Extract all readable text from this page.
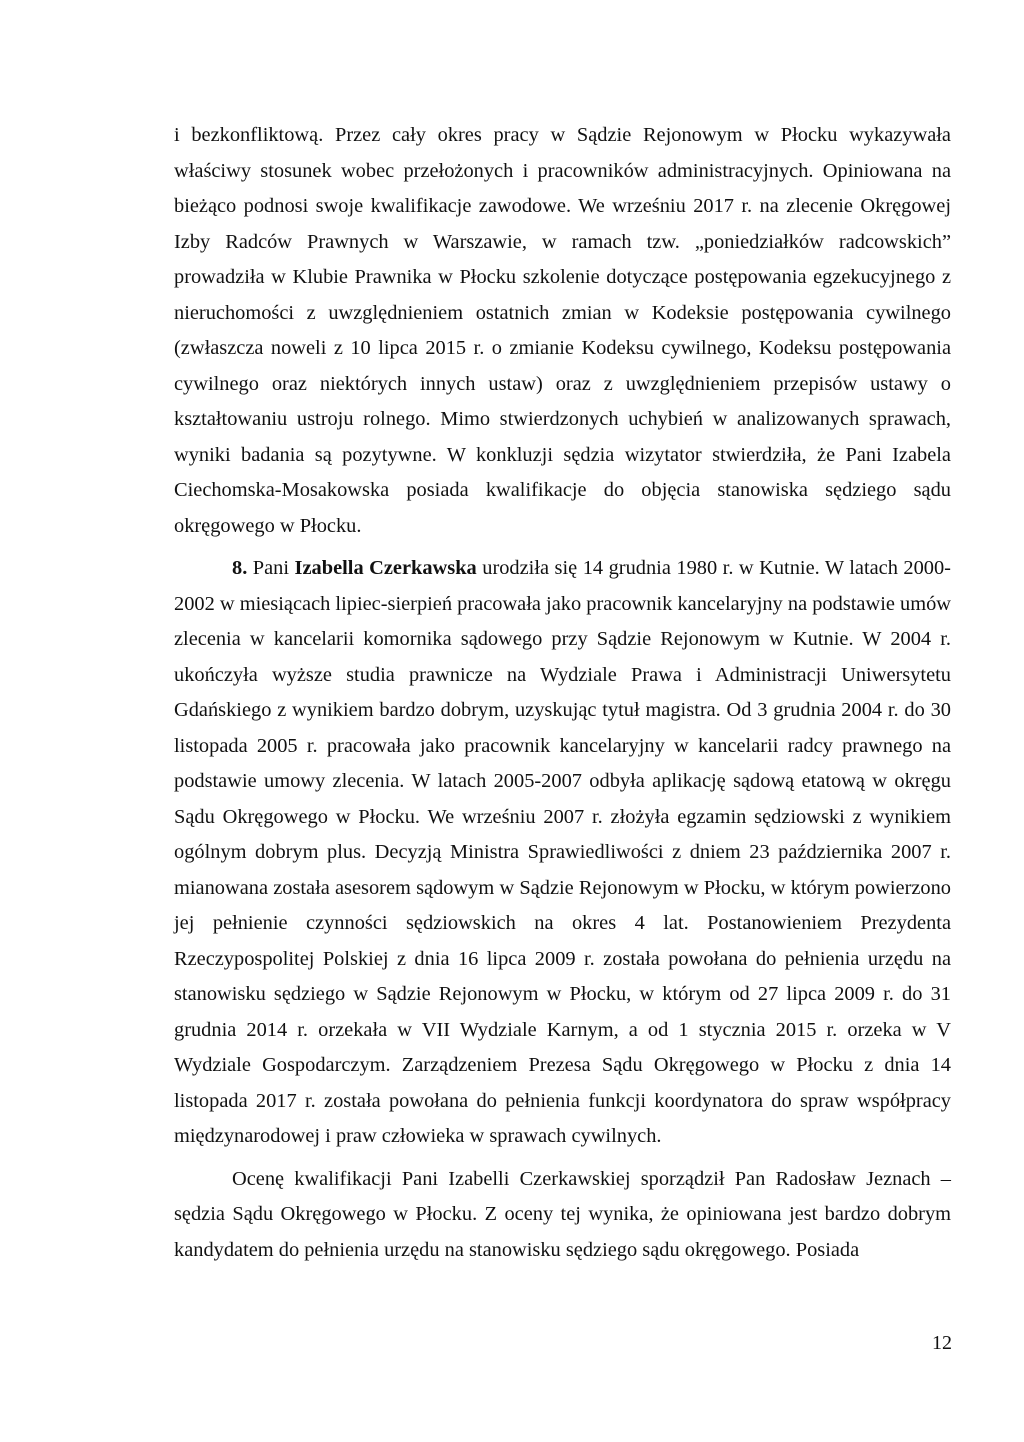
i bezkonfliktową. Przez cały okres pracy w Sądzie Rejonowym w Płocku wykazywała właściwy stosunek wobec przełożonych i pracowników administracyjnych. Opiniowana na bieżąco podnosi swoje kwalifikacje zawodowe. We wrześniu 2017 r. na zlecenie Okręgowej Izby Radców Prawnych w Warszawie, w ramach tzw. „poniedziałków radcowskich” prowadziła w Klubie Prawnika w Płocku szkolenie dotyczące postępowania egzekucyjnego z nieruchomości z uwzględnieniem ostatnich zmian w Kodeksie postępowania cywilnego (zwłaszcza noweli z 10 lipca 2015 r. o zmianie Kodeksu cywilnego, Kodeksu postępowania cywilnego oraz niektórych innych ustaw) oraz z uwzględnieniem przepisów ustawy o kształtowaniu ustroju rolnego. Mimo stwierdzonych uchybień w analizowanych sprawach, wyniki badania są pozytywne. W konkluzji sędzia wizytator stwierdziła, że Pani Izabela Ciechomska-Mosakowska posiada kwalifikacje do objęcia stanowiska sędziego sądu okręgowego w Płocku.

8. Pani Izabella Czerkawska urodziła się 14 grudnia 1980 r. w Kutnie. W latach 2000-2002 w miesiącach lipiec-sierpień pracowała jako pracownik kancelaryjny na podstawie umów zlecenia w kancelarii komornika sądowego przy Sądzie Rejonowym w Kutnie. W 2004 r. ukończyła wyższe studia prawnicze na Wydziale Prawa i Administracji Uniwersytetu Gdańskiego z wynikiem bardzo dobrym, uzyskując tytuł magistra. Od 3 grudnia 2004 r. do 30 listopada 2005 r. pracowała jako pracownik kancelaryjny w kancelarii radcy prawnego na podstawie umowy zlecenia. W latach 2005-2007 odbyła aplikację sądową etatową w okręgu Sądu Okręgowego w Płocku. We wrześniu 2007 r. złożyła egzamin sędziowski z wynikiem ogólnym dobrym plus. Decyzją Ministra Sprawiedliwości z dniem 23 października 2007 r. mianowana została asesorem sądowym w Sądzie Rejonowym w Płocku, w którym powierzono jej pełnienie czynności sędziowskich na okres 4 lat. Postanowieniem Prezydenta Rzeczypospolitej Polskiej z dnia 16 lipca 2009 r. została powołana do pełnienia urzędu na stanowisku sędziego w Sądzie Rejonowym w Płocku, w którym od 27 lipca 2009 r. do 31 grudnia 2014 r. orzekała w VII Wydziale Karnym, a od 1 stycznia 2015 r. orzeka w V Wydziale Gospodarczym. Zarządzeniem Prezesa Sądu Okręgowego w Płocku z dnia 14 listopada 2017 r. została powołana do pełnienia funkcji koordynatora do spraw współpracy międzynarodowej i praw człowieka w sprawach cywilnych.

Ocenę kwalifikacji Pani Izabelli Czerkawskiej sporządził Pan Radosław Jeznach – sędzia Sądu Okręgowego w Płocku. Z oceny tej wynika, że opiniowana jest bardzo dobrym kandydatem do pełnienia urzędu na stanowisku sędziego sądu okręgowego. Posiada

12
